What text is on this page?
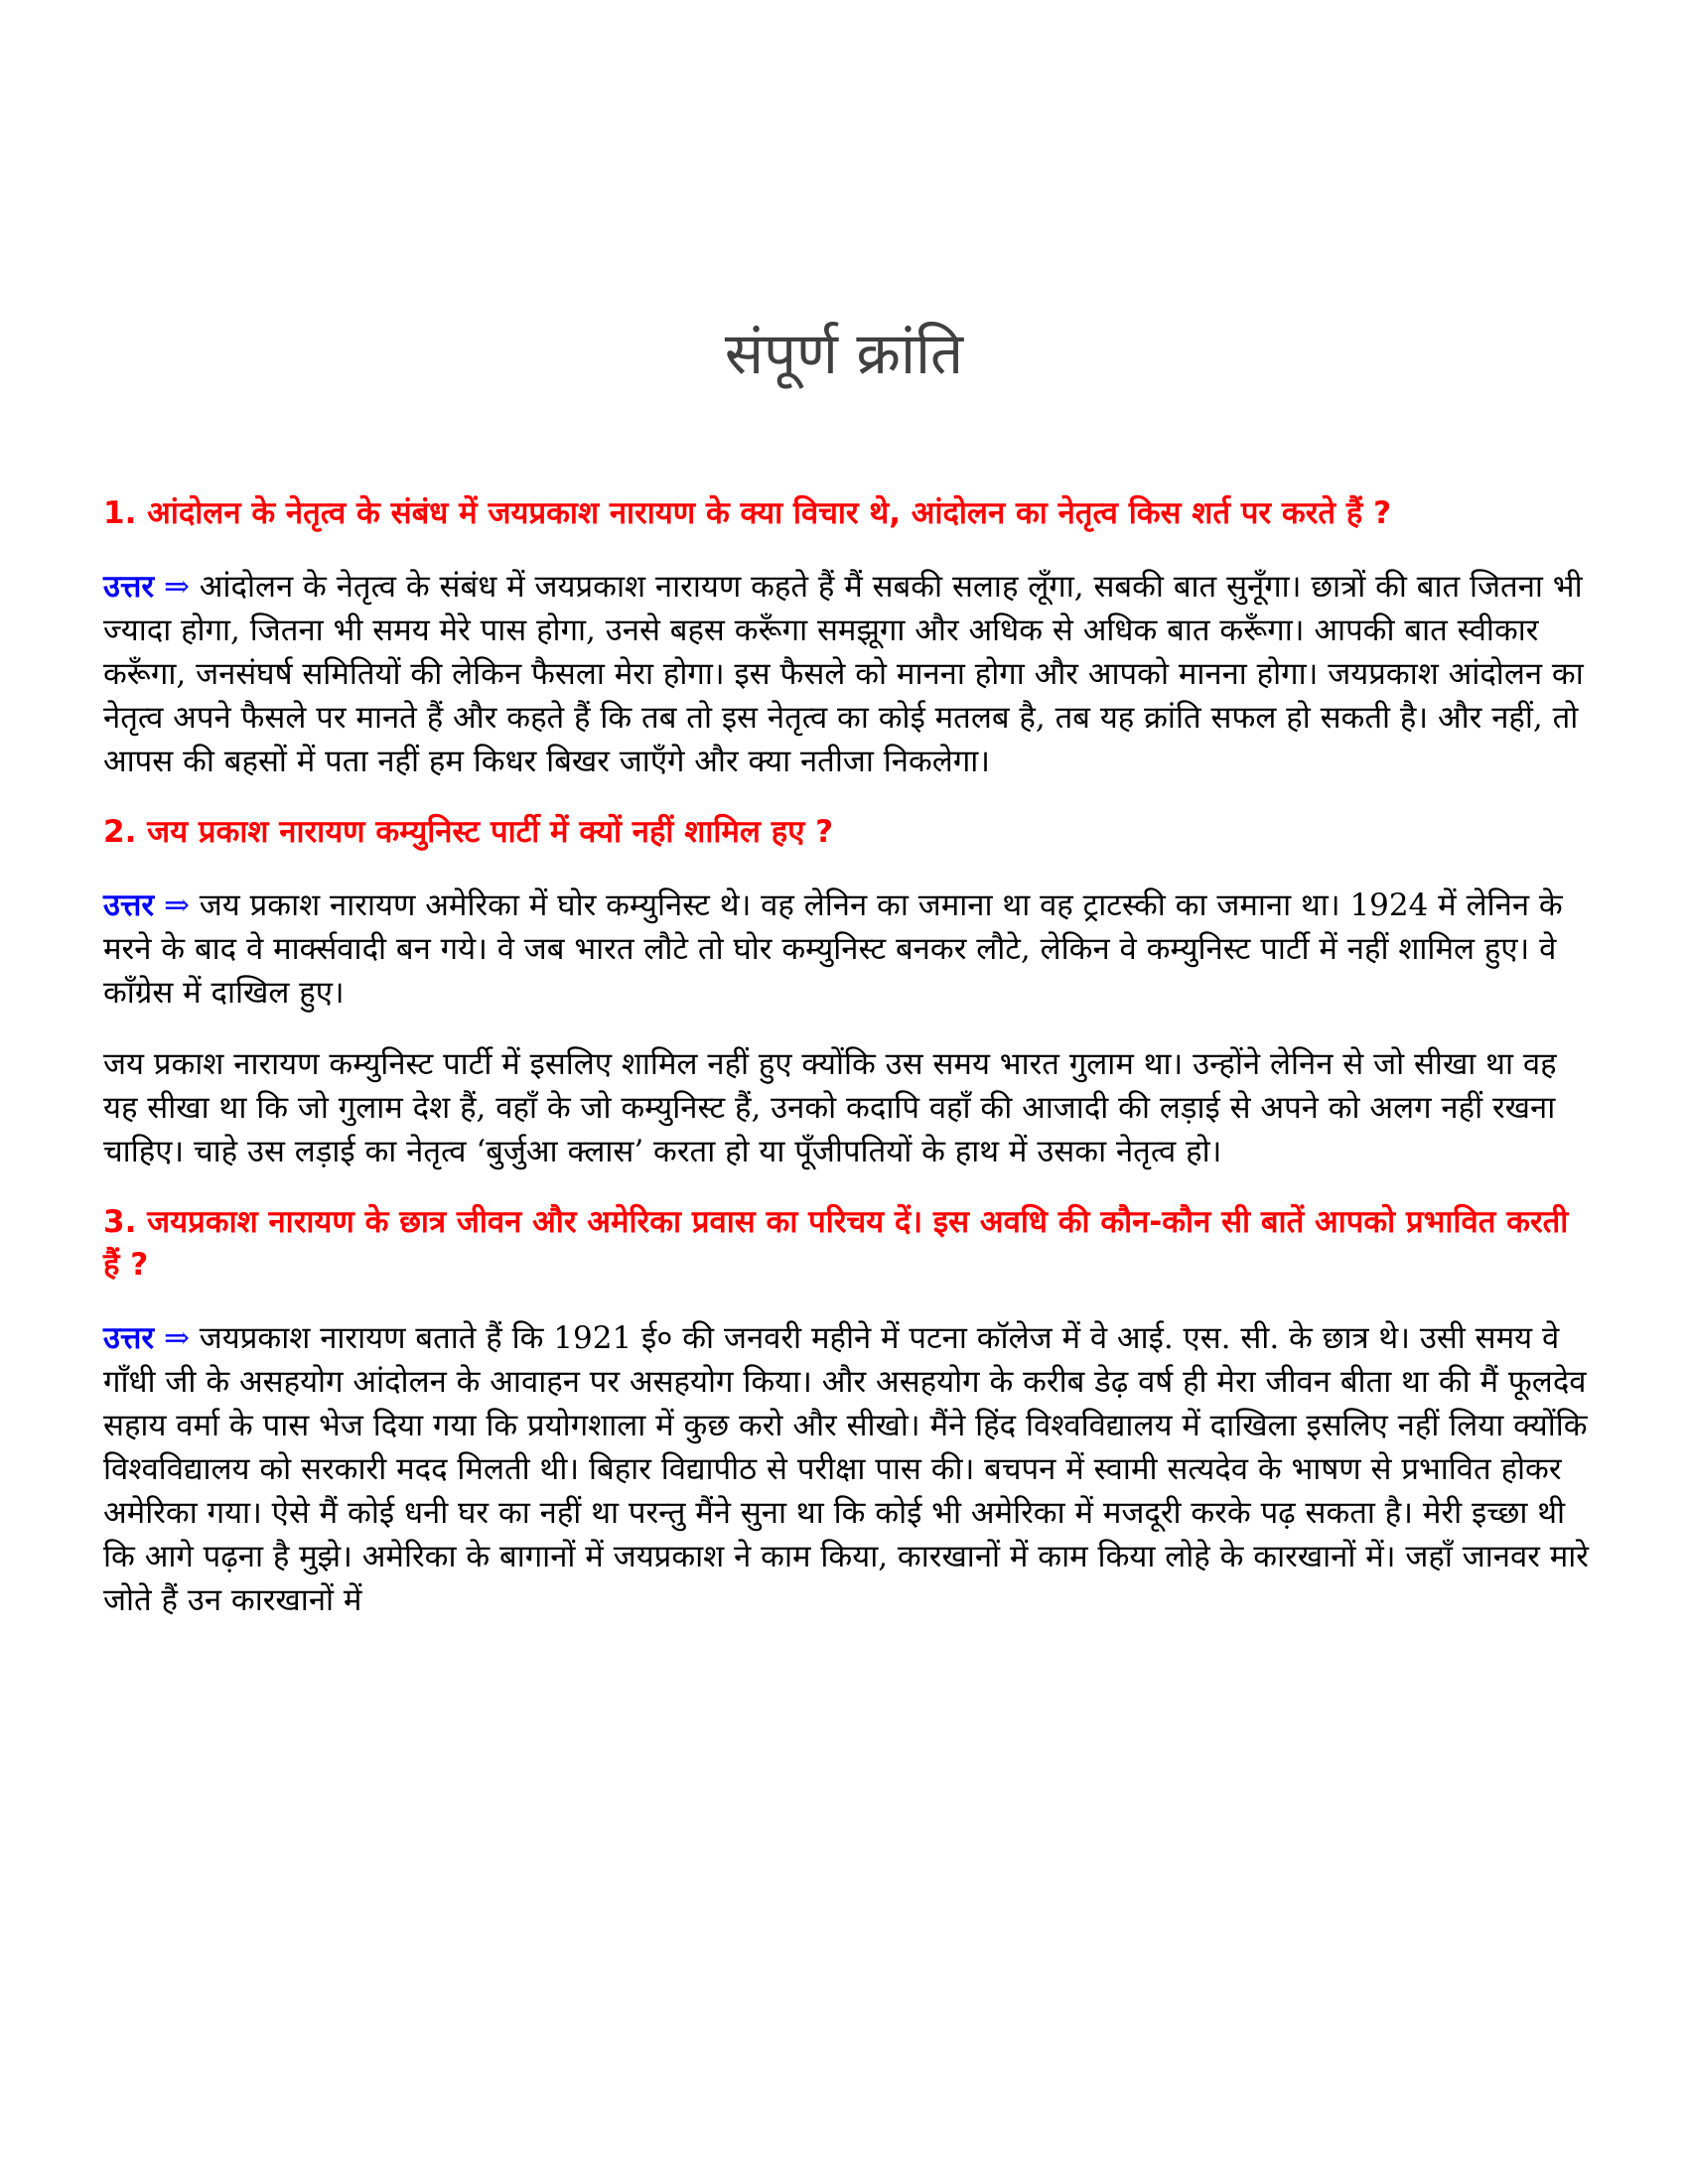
संपूर्ण क्रांति

1. आंदोलन के नेतृत्व के संबंध में जयप्रकाश नारायण के क्या विचार थे, आंदोलन का नेतृत्व किस शर्त पर करते हैं ?

उत्तर ⇒ आंदोलन के नेतृत्व के संबंध में जयप्रकाश नारायण कहते हैं मैं सबकी सलाह लूँगा, सबकी बात सुनूँगा। छात्रों की बात जितना भी ज्यादा होगा, जितना भी समय मेरे पास होगा, उनसे बहस करूँगा समझूगा और अधिक से अधिक बात करूँगा। आपकी बात स्वीकार करूँगा, जनसंघर्ष समितियों की लेकिन फैसला मेरा होगा। इस फैसले को मानना होगा और आपको मानना होगा। जयप्रकाश आंदोलन का नेतृत्व अपने फैसले पर मानते हैं और कहते हैं कि तब तो इस नेतृत्व का कोई मतलब है, तब यह क्रांति सफल हो सकती है। और नहीं, तो आपस की बहसों में पता नहीं हम किधर बिखर जाएँगे और क्या नतीजा निकलेगा।

2. जय प्रकाश नारायण कम्युनिस्ट पार्टी में क्यों नहीं शामिल हए ?

उत्तर ⇒ जय प्रकाश नारायण अमेरिका में घोर कम्युनिस्ट थे। वह लेनिन का जमाना था वह ट्राटस्की का जमाना था। 1924 में लेनिन के मरने के बाद वे मार्क्सवादी बन गये। वे जब भारत लौटे तो घोर कम्युनिस्ट बनकर लौटे, लेकिन वे कम्युनिस्ट पार्टी में नहीं शामिल हुए। वे काँग्रेस में दाखिल हुए।

जय प्रकाश नारायण कम्युनिस्ट पार्टी में इसलिए शामिल नहीं हुए क्योंकि उस समय भारत गुलाम था। उन्होंने लेनिन से जो सीखा था वह यह सीखा था कि जो गुलाम देश हैं, वहाँ के जो कम्युनिस्ट हैं, उनको कदापि वहाँ की आजादी की लड़ाई से अपने को अलग नहीं रखना चाहिए। चाहे उस लड़ाई का नेतृत्व ‘बुर्जुआ क्लास’ करता हो या पूँजीपतियों के हाथ में उसका नेतृत्व हो।

3. जयप्रकाश नारायण के छात्र जीवन और अमेरिका प्रवास का परिचय दें। इस अवधि की कौन-कौन सी बातें आपको प्रभावित करती हैं ?

उत्तर ⇒ जयप्रकाश नारायण बताते हैं कि 1921 ई० की जनवरी महीने में पटना कॉलेज में वे आई. एस. सी. के छात्र थे। उसी समय वे गाँधी जी के असहयोग आंदोलन के आवाहन पर असहयोग किया। और असहयोग के करीब डेढ़ वर्ष ही मेरा जीवन बीता था की मैं फूलदेव सहाय वर्मा के पास भेज दिया गया कि प्रयोगशाला में कुछ करो और सीखो। मैंने हिंद विश्वविद्यालय में दाखिला इसलिए नहीं लिया क्योंकि विश्वविद्यालय को सरकारी मदद मिलती थी। बिहार विद्यापीठ से परीक्षा पास की। बचपन में स्वामी सत्यदेव के भाषण से प्रभावित होकर अमेरिका गया। ऐसे मैं कोई धनी घर का नहीं था परन्तु मैंने सुना था कि कोई भी अमेरिका में मजदूरी करके पढ़ सकता है। मेरी इच्छा थी कि आगे पढ़ना है मुझे। अमेरिका के बागानों में जयप्रकाश ने काम किया, कारखानों में काम किया लोहे के कारखानों में। जहाँ जानवर मारे जोते हैं उन कारखानों में
